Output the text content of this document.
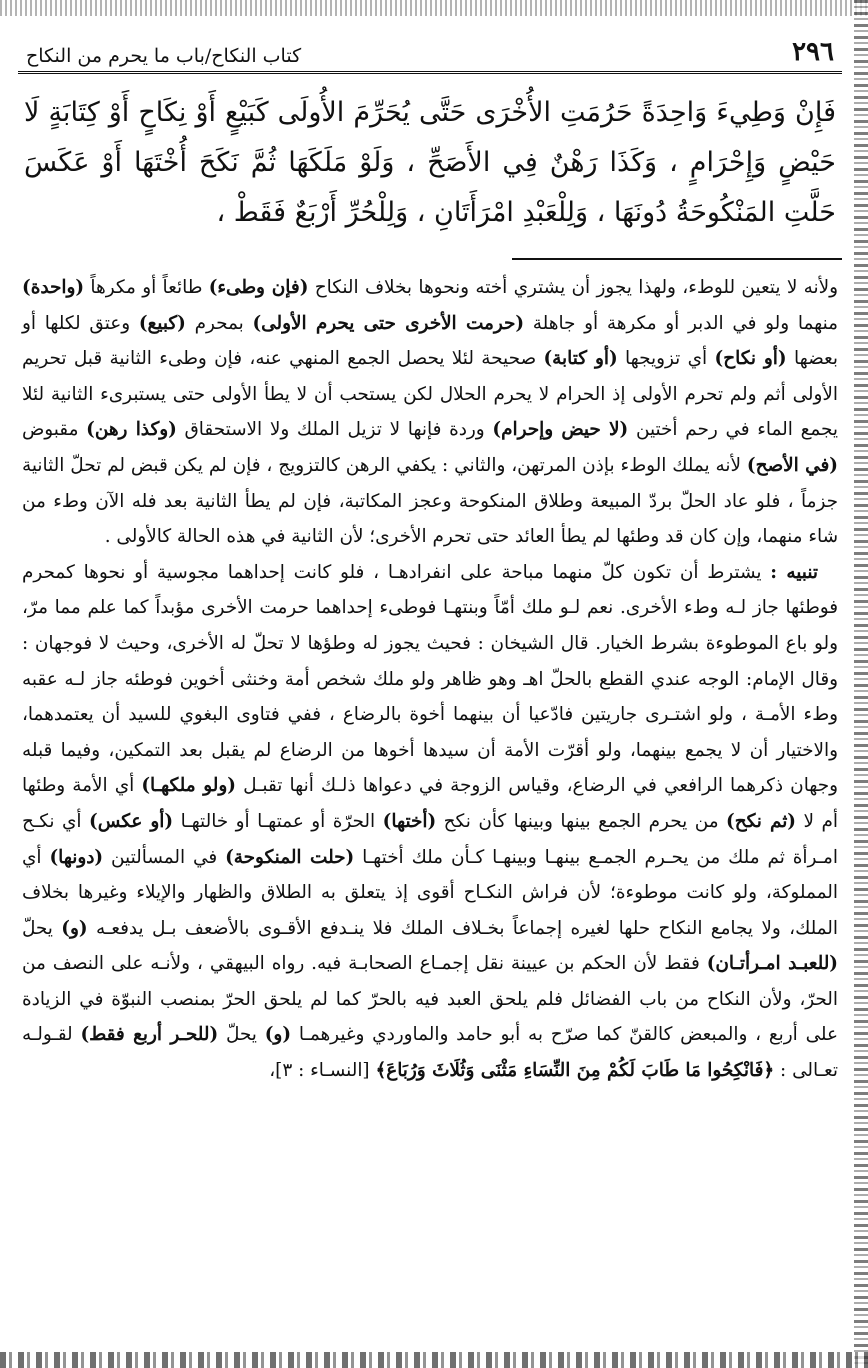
٢٩٦
كتاب النكاح/باب ما يحرم من النكاح

فَإِنْ وَطِيءَ وَاحِدَةً حَرُمَتِ الأُخْرَى حَتَّى يُحَرِّمَ الأُولَى كَبَيْعٍ أَوْ نِكَاحٍ أَوْ كِتَابَةٍ لَا حَيْضٍ وَإِحْرَامٍ ، وَكَذَا رَهْنٌ فِي الأَصَحِّ ، وَلَوْ مَلَكَهَا ثُمَّ نَكَحَ أُخْتَهَا أَوْ عَكَسَ حَلَّتِ المَنْكُوحَةُ دُونَهَا ، وَلِلْعَبْدِ امْرَأَتَانِ ، وَلِلْحُرِّ أَرْبَعٌ فَقَطْ ،

ولأنه لا يتعين للوطء، ولهذا يجوز أن يشتري أخته ونحوها بخلاف النكاح (فإن وطىء) طائعاً أو مكرهاً (واحدة) منهما ولو في الدبر أو مكرهة أو جاهلة (حرمت الأخرى حتى يحرم الأولى) بمحرم (كبيع) وعتق لكلها أو بعضها (أو نكاح) أي تزويجها (أو كتابة) صحيحة لئلا يحصل الجمع المنهي عنه، فإن وطىء الثانية قبل تحريم الأولى أثم ولم تحرم الأولى إذ الحرام لا يحرم الحلال لكن يستحب أن لا يطأ الأولى حتى يستبرىء الثانية لئلا يجمع الماء في رحم أختين (لا حيض وإحرام) وردة فإنها لا تزيل الملك ولا الاستحقاق (وكذا رهن) مقبوض (في الأصح) لأنه يملك الوطء بإذن المرتهن، والثاني : يكفي الرهن كالتزويج ، فإن لم يكن قبض لم تحلّ الثانية جزماً ، فلو عاد الحلّ بردّ المبيعة وطلاق المنكوحة وعجز المكاتبة، فإن لم يطأ الثانية بعد فله الآن وطء من شاء منهما، وإن كان قد وطئها لم يطأ العائد حتى تحرم الأخرى؛ لأن الثانية في هذه الحالة كالأولى .

تنبيه : يشترط أن تكون كلّ منهما مباحة على انفرادهـا ، فلو كانت إحداهما مجوسية أو نحوها كمحرم فوطئها جاز لـه وطء الأخرى. نعم لـو ملك أمّاً وبنتهـا فوطىء إحداهما حرمت الأخرى مؤبداً كما علم مما مرّ، ولو باع الموطوءة بشرط الخيار. قال الشيخان : فحيث يجوز له وطؤها لا تحلّ له الأخرى، وحيث لا فوجهان : وقال الإمام: الوجه عندي القطع بالحلّ اهـ وهو ظاهر ولو ملك شخص أمة وخنثى أخوين فوطئه جاز لـه عقبه وطء الأمـة ، ولو اشتـرى جاريتين فادّعيا أن بينهما أخوة بالرضاع ، ففي فتاوى البغوي للسيد أن يعتمدهما، والاختيار أن لا يجمع بينهما، ولو أقرّت الأمة أن سيدها أخوها من الرضاع لم يقبل بعد التمكين، وفيما قبله وجهان ذكرهما الرافعي في الرضاع، وقياس الزوجة في دعواها ذلـك أنها تقبـل (ولو ملكهـا) أي الأمة وطئها أم لا (ثم نكح) من يحرم الجمع بينها وبينها كأن نكح (أختها) الحرّة أو عمتهـا أو خالتهـا (أو عكس) أي نكـح امـرأة ثم ملك من يحـرم الجمـع بينهـا وبينهـا كـأن ملك أختهـا (حلت المنكوحة) في المسألتين (دونها) أي المملوكة، ولو كانت موطوءة؛ لأن فراش النكـاح أقوى إذ يتعلق به الطلاق والظهار والإيلاء وغيرها بخلاف الملك، ولا يجامع النكاح حلها لغيره إجماعاً بخـلاف الملك فلا ينـدفع الأقـوى بالأضعف بـل يدفعـه (و) يحلّ (للعبـد امـرأتـان) فقط لأن الحكم بن عيينة نقل إجمـاع الصحابـة فيه. رواه البيهقي ، ولأنـه على النصف من الحرّ، ولأن النكاح من باب الفضائل فلم يلحق العبد فيه بالحرّ كما لم يلحق الحرّ بمنصب النبوّة في الزيادة على أربع ، والمبعض كالقنّ كما صرّح به أبو حامد والماوردي وغيرهمـا (و) يحلّ (للحـر أربع فقط) لقـولـه تعـالى : ﴿فَانْكِحُوا مَا طَابَ لَكُمْ مِنَ النِّسَاءِ مَثْنَى وَثُلَاثَ وَرُبَاعَ﴾ [النسـاء : ٣]،
